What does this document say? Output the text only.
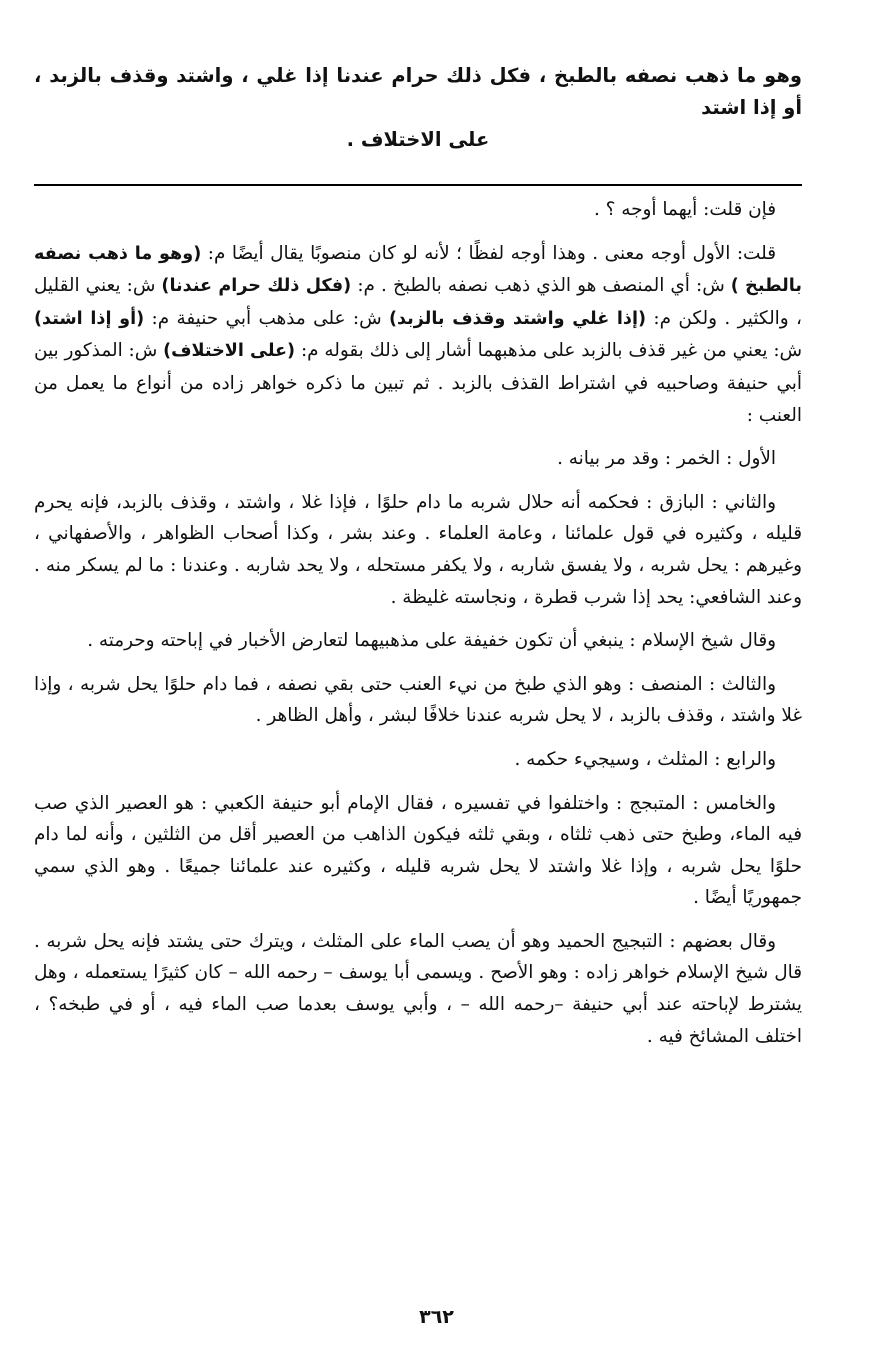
وهو ما ذهب نصفه بالطبخ ، فكل ذلك حرام عندنا إذا غلي ، واشتد وقذف بالزبد ، أو إذا اشتد
على الاختلاف .

فإن قلت: أيهما أوجه ؟ .

قلت: الأول أوجه معنى . وهذا أوجه لفظًا ؛ لأنه لو كان منصوبًا يقال أيضًا م: (وهو ما ذهب نصفه بالطبخ ) ش: أي المنصف هو الذي ذهب نصفه بالطبخ . م: (فكل ذلك حرام عندنا) ش: يعني القليل ، والكثير . ولكن م: (إذا غلي واشتد وقذف بالزبد) ش: على مذهب أبي حنيفة م: (أو إذا اشتد) ش: يعني من غير قذف بالزبد على مذهبهما أشار إلى ذلك بقوله م: (على الاختلاف) ش: المذكور بين أبي حنيفة وصاحبيه في اشتراط القذف بالزبد . ثم تبين ما ذكره خواهر زاده من أنواع ما يعمل من العنب :

الأول : الخمر : وقد مر بيانه .

والثاني : البازق : فحكمه أنه حلال شربه ما دام حلوًا ، فإذا غلا ، واشتد ، وقذف بالزبد، فإنه يحرم قليله ، وكثيره في قول علمائنا ، وعامة العلماء . وعند بشر ، وكذا أصحاب الظواهر ، والأصفهاني ، وغيرهم : يحل شربه ، ولا يفسق شاربه ، ولا يكفر مستحله ، ولا يحد شاربه . وعندنا : ما لم يسكر منه . وعند الشافعي: يحد إذا شرب قطرة ، ونجاسته غليظة .

وقال شيخ الإسلام : ينبغي أن تكون خفيفة على مذهبيهما لتعارض الأخبار في إباحته وحرمته .

والثالث : المنصف : وهو الذي طبخ من نيء العنب حتى بقي نصفه ، فما دام حلوًا يحل شربه ، وإذا غلا واشتد ، وقذف بالزبد ، لا يحل شربه عندنا خلافًا لبشر ، وأهل الظاهر .

والرابع : المثلث ، وسيجيء حكمه .

والخامس : المتبجج : واختلفوا في تفسيره ، فقال الإمام أبو حنيفة الكعبي : هو العصير الذي صب فيه الماء، وطبخ حتى ذهب ثلثاه ، وبقي ثلثه فيكون الذاهب من العصير أقل من الثلثين ، وأنه لما دام حلوًا يحل شربه ، وإذا غلا واشتد لا يحل شربه قليله ، وكثيره عند علمائنا جميعًا . وهو الذي سمي جمهوريًا أيضًا .

وقال بعضهم : التبجيج الحميد وهو أن يصب الماء على المثلث ، ويترك حتى يشتد فإنه يحل شربه . قال شيخ الإسلام خواهر زاده : وهو الأصح . ويسمى أبا يوسف – رحمه الله – كان كثيرًا يستعمله ، وهل يشترط لإباحته عند أبي حنيفة –رحمه الله – ، وأبي يوسف بعدما صب الماء فيه ، أو في طبخه؟ ، اختلف المشائخ فيه .

٣٦٢
